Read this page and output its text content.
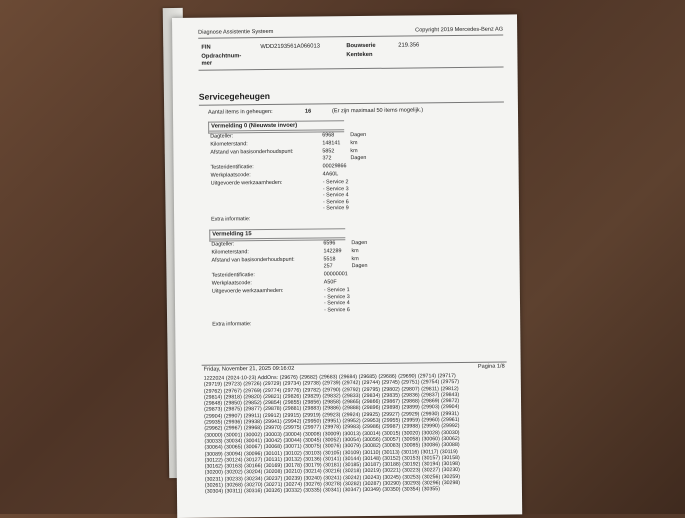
Diagnose Assistentie Systeem	Copyright 2019 Mercedes-Benz AG
FIN	WDD2193561A066013	Bouwserie	219.356
Opdrachtnum-
mer
Kenteken
Servicegeheugen
Aantal items in geheugen:	16	(Er zijn maximaal 50 items mogelijk.)
Vermelding 0 (Nieuwste invoer)
Dagteller:	6968	Dagen
Kilometerstand:	148141 km
Afstand van basisonderhoudspunt:	5852	km
372	Dagen
Testeridentificatie:	00029866
Werkplaatscode:	4A60L
Uitgevoerde werkzaamheden:	- Service 2
- Service 3
- Service 4
- Service 6
- Service 9
Extra informatie:
Vermelding 15
Dagteller:	6596	Dagen
Kilometerstand:	142289 km
Afstand van basisonderhoudspunt:	5518	km
257	Dagen
Testeridentificatie:	00000001
Werkplaatscode:	A50F
Uitgevoerde werkzaamheden:	- Service 1
- Service 3
- Service 4
- Service 6
Extra informatie:
Friday, November 21, 2025 09:16:02	Pagina 1/8
1222024 (2024-10-23) AddOns: (29676) (29682) (29683) (29684) (29685) (29686) (29690) (29714) (29717)
(29719) (29723) (29726) (29729) (29734) (29738) (29739) (29742) (29744) (29745) (29751) (29754) (29757)
(29762) (29767) (29769) (29774) (29776) (29782) (29790) (29792) (29795) (29802) (29807) (29811) (29812)
(29814) (29818) (29820) (29821) (29826) (29829) (29832) (29833) (29834) (29835) (29836) (29837) (29843)
(29848) (29850) (29852) (29854) (29855) (29856) (29858) (29865) (29866) (29867) (29868) (29869) (29872)
(29873) (29875) (29877) (29878) (29881) (29883) (29886) (29888) (29896) (29898) (29899) (29903) (29904)
(29904) (29907) (29911) (29912) (29915) (29919) (29923) (29924) (29925) (29927) (29929) (29930) (29931)
(29935) (29936) (29938) (29941) (29942) (29950) (29951) (29952) (29953) (29955) (29959) (29960) (29961)
(29962) (29967) (29968) (29970) (29975) (29977) (29978) (29983) (29986) (29987) (29988) (29990) (29992)
(30000) (30001) (30002) (30003) (30004) (30008) (30009) (30013) (30014) (30015) (30020) (30028) (30030)
(30033) (30034) (30041) (30042) (30044) (30045) (30052) (30054) (30056) (30057) (30058) (30060) (30062)
(30064) (30065) (30067) (30068) (30071) (30075) (30076) (30079) (30082) (30083) (30085) (30086) (30088)
(30089) (30094) (30096) (30101) (30102) (30103) (30105) (30109) (30110) (30113) (30116) (30117) (30119)
(30122) (30124) (30127) (30131) (30132) (30136) (30141) (30144) (30148) (30152) (30153) (30157) (30158)
(30162) (30163) (30166) (30169) (30178) (30179) (30181) (30185) (30187) (30188) (30192) (30194) (30198)
(30200) (30202) (30204) (30208) (30210) (30214) (30216) (30218) (30219) (30221) (30223) (30227) (30230)
(30231) (30233) (30234) (30237) (30239) (30240) (30241) (30242) (30243) (30245) (30253) (30256) (30259)
(30261) (30268) (30270) (30271) (30274) (30276) (30278) (30282) (30287) (30290) (30293) (30296) (30298)
(30304) (30311) (30316) (30326) (30332) (30335) (30341) (30347) (30349) (30350) (30354) (30355)
